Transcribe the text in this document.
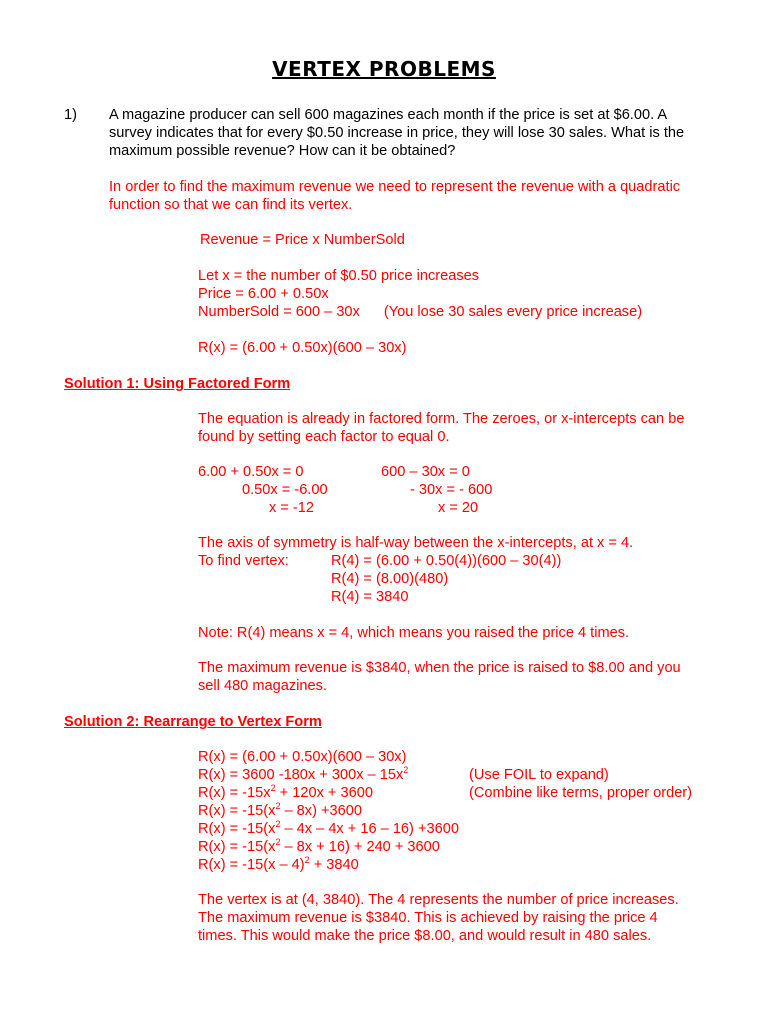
VERTEX PROBLEMS
1) A magazine producer can sell 600 magazines each month if the price is set at $6.00. A
survey indicates that for every $0.50 increase in price, they will lose 30 sales. What is the
maximum possible revenue? How can it be obtained?
In order to find the maximum revenue we need to represent the revenue with a quadratic
function so that we can find its vertex.
Revenue = Price x NumberSold
Let x = the number of $0.50 price increases
Price = 6.00 + 0.50x
NumberSold = 600 – 30x (You lose 30 sales every price increase)
R(x) = (6.00 + 0.50x)(600 – 30x)
Solution 1: Using Factored Form
The equation is already in factored form. The zeroes, or x-intercepts can be
found by setting each factor to equal 0.
6.00 + 0.50x = 0
0.50x = -6.00
x = -12
600 – 30x = 0
- 30x = - 600
x = 20
The axis of symmetry is half-way between the x-intercepts, at x = 4.
To find vertex:	R(4) = (6.00 + 0.50(4))(600 – 30(4))
R(4) = (8.00)(480)
R(4) = 3840
Note: R(4) means x = 4, which means you raised the price 4 times.
The maximum revenue is $3840, when the price is raised to $8.00 and you
sell 480 magazines.
Solution 2: Rearrange to Vertex Form
R(x) = (6.00 + 0.50x)(600 – 30x)
R(x) = 3600 $-180x + 300x - 15x^2$
$R(x) = -15x^2 + 120x + 3600$
$R(x) = -15(x^2 - 8x) +3600$
$R(x) = -15(x^2 - 4x - 4x + 16 - 16) +3600$
$R(x) = -15(x^2 - 8x + 16) + 240 + 3600$
R(x) = -15(x – 4)$^2$ + 3840
(Use FOIL to expand)
(Combine like terms, proper order)
The vertex is at (4, 3840). The 4 represents the number of price increases.
The maximum revenue is $3840. This is achieved by raising the price 4
times. This would make the price $8.00, and would result in 480 sales.
